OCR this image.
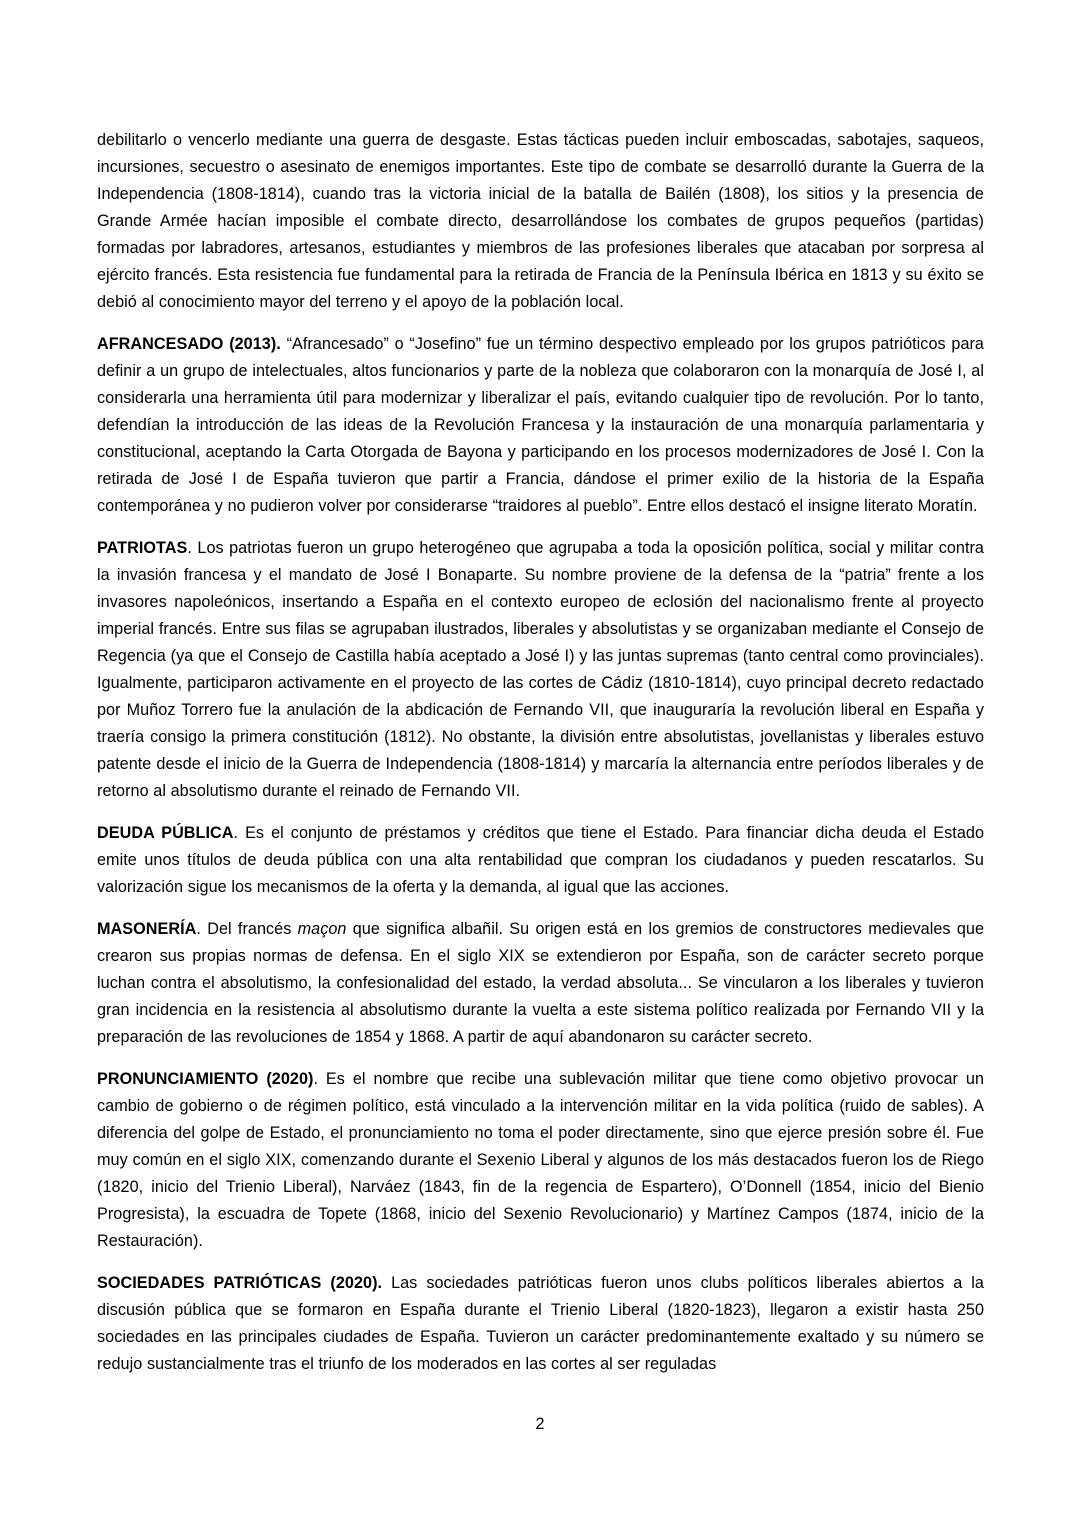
debilitarlo o vencerlo mediante una guerra de desgaste. Estas tácticas pueden incluir emboscadas, sabotajes, saqueos, incursiones, secuestro o asesinato de enemigos importantes. Este tipo de combate se desarrolló durante la Guerra de la Independencia (1808-1814), cuando tras la victoria inicial de la batalla de Bailén (1808), los sitios y la presencia de Grande Armée hacían imposible el combate directo, desarrollándose los combates de grupos pequeños (partidas) formadas por labradores, artesanos, estudiantes y miembros de las profesiones liberales que atacaban por sorpresa al ejército francés. Esta resistencia fue fundamental para la retirada de Francia de la Península Ibérica en 1813 y su éxito se debió al conocimiento mayor del terreno y el apoyo de la población local.

AFRANCESADO (2013). “Afrancesado” o “Josefino” fue un término despectivo empleado por los grupos patrióticos para definir a un grupo de intelectuales, altos funcionarios y parte de la nobleza que colaboraron con la monarquía de José I, al considerarla una herramienta útil para modernizar y liberalizar el país, evitando cualquier tipo de revolución. Por lo tanto, defendían la introducción de las ideas de la Revolución Francesa y la instauración de una monarquía parlamentaria y constitucional, aceptando la Carta Otorgada de Bayona y participando en los procesos modernizadores de José I. Con la retirada de José I de España tuvieron que partir a Francia, dándose el primer exilio de la historia de la España contemporánea y no pudieron volver por considerarse “traidores al pueblo”. Entre ellos destacó el insigne literato Moratín.

PATRIOTAS. Los patriotas fueron un grupo heterogéneo que agrupaba a toda la oposición política, social y militar contra la invasión francesa y el mandato de José I Bonaparte. Su nombre proviene de la defensa de la “patria” frente a los invasores napoleónicos, insertando a España en el contexto europeo de eclosión del nacionalismo frente al proyecto imperial francés. Entre sus filas se agrupaban ilustrados, liberales y absolutistas y se organizaban mediante el Consejo de Regencia (ya que el Consejo de Castilla había aceptado a José I) y las juntas supremas (tanto central como provinciales). Igualmente, participaron activamente en el proyecto de las cortes de Cádiz (1810-1814), cuyo principal decreto redactado por Muñoz Torrero fue la anulación de la abdicación de Fernando VII, que inauguraría la revolución liberal en España y traería consigo la primera constitución (1812). No obstante, la división entre absolutistas, jovellanistas y liberales estuvo patente desde el inicio de la Guerra de Independencia (1808-1814) y marcaría la alternancia entre períodos liberales y de retorno al absolutismo durante el reinado de Fernando VII.

DEUDA PÚBLICA. Es el conjunto de préstamos y créditos que tiene el Estado. Para financiar dicha deuda el Estado emite unos títulos de deuda pública con una alta rentabilidad que compran los ciudadanos y pueden rescatarlos. Su valorización sigue los mecanismos de la oferta y la demanda, al igual que las acciones.

MASONERÍA. Del francés maçon que significa albañil. Su origen está en los gremios de constructores medievales que crearon sus propias normas de defensa. En el siglo XIX se extendieron por España, son de carácter secreto porque luchan contra el absolutismo, la confesionalidad del estado, la verdad absoluta... Se vincularon a los liberales y tuvieron gran incidencia en la resistencia al absolutismo durante la vuelta a este sistema político realizada por Fernando VII y la preparación de las revoluciones de 1854 y 1868. A partir de aquí abandonaron su carácter secreto.

PRONUNCIAMIENTO (2020). Es el nombre que recibe una sublevación militar que tiene como objetivo provocar un cambio de gobierno o de régimen político, está vinculado a la intervención militar en la vida política (ruido de sables). A diferencia del golpe de Estado, el pronunciamiento no toma el poder directamente, sino que ejerce presión sobre él. Fue muy común en el siglo XIX, comenzando durante el Sexenio Liberal y algunos de los más destacados fueron los de Riego (1820, inicio del Trienio Liberal), Narváez (1843, fin de la regencia de Espartero), O’Donnell (1854, inicio del Bienio Progresista), la escuadra de Topete (1868, inicio del Sexenio Revolucionario) y Martínez Campos (1874, inicio de la Restauración).

SOCIEDADES PATRIÓTICAS (2020). Las sociedades patrióticas fueron unos clubs políticos liberales abiertos a la discusión pública que se formaron en España durante el Trienio Liberal (1820-1823), llegaron a existir hasta 250 sociedades en las principales ciudades de España. Tuvieron un carácter predominantemente exaltado y su número se redujo sustancialmente tras el triunfo de los moderados en las cortes al ser reguladas

2
